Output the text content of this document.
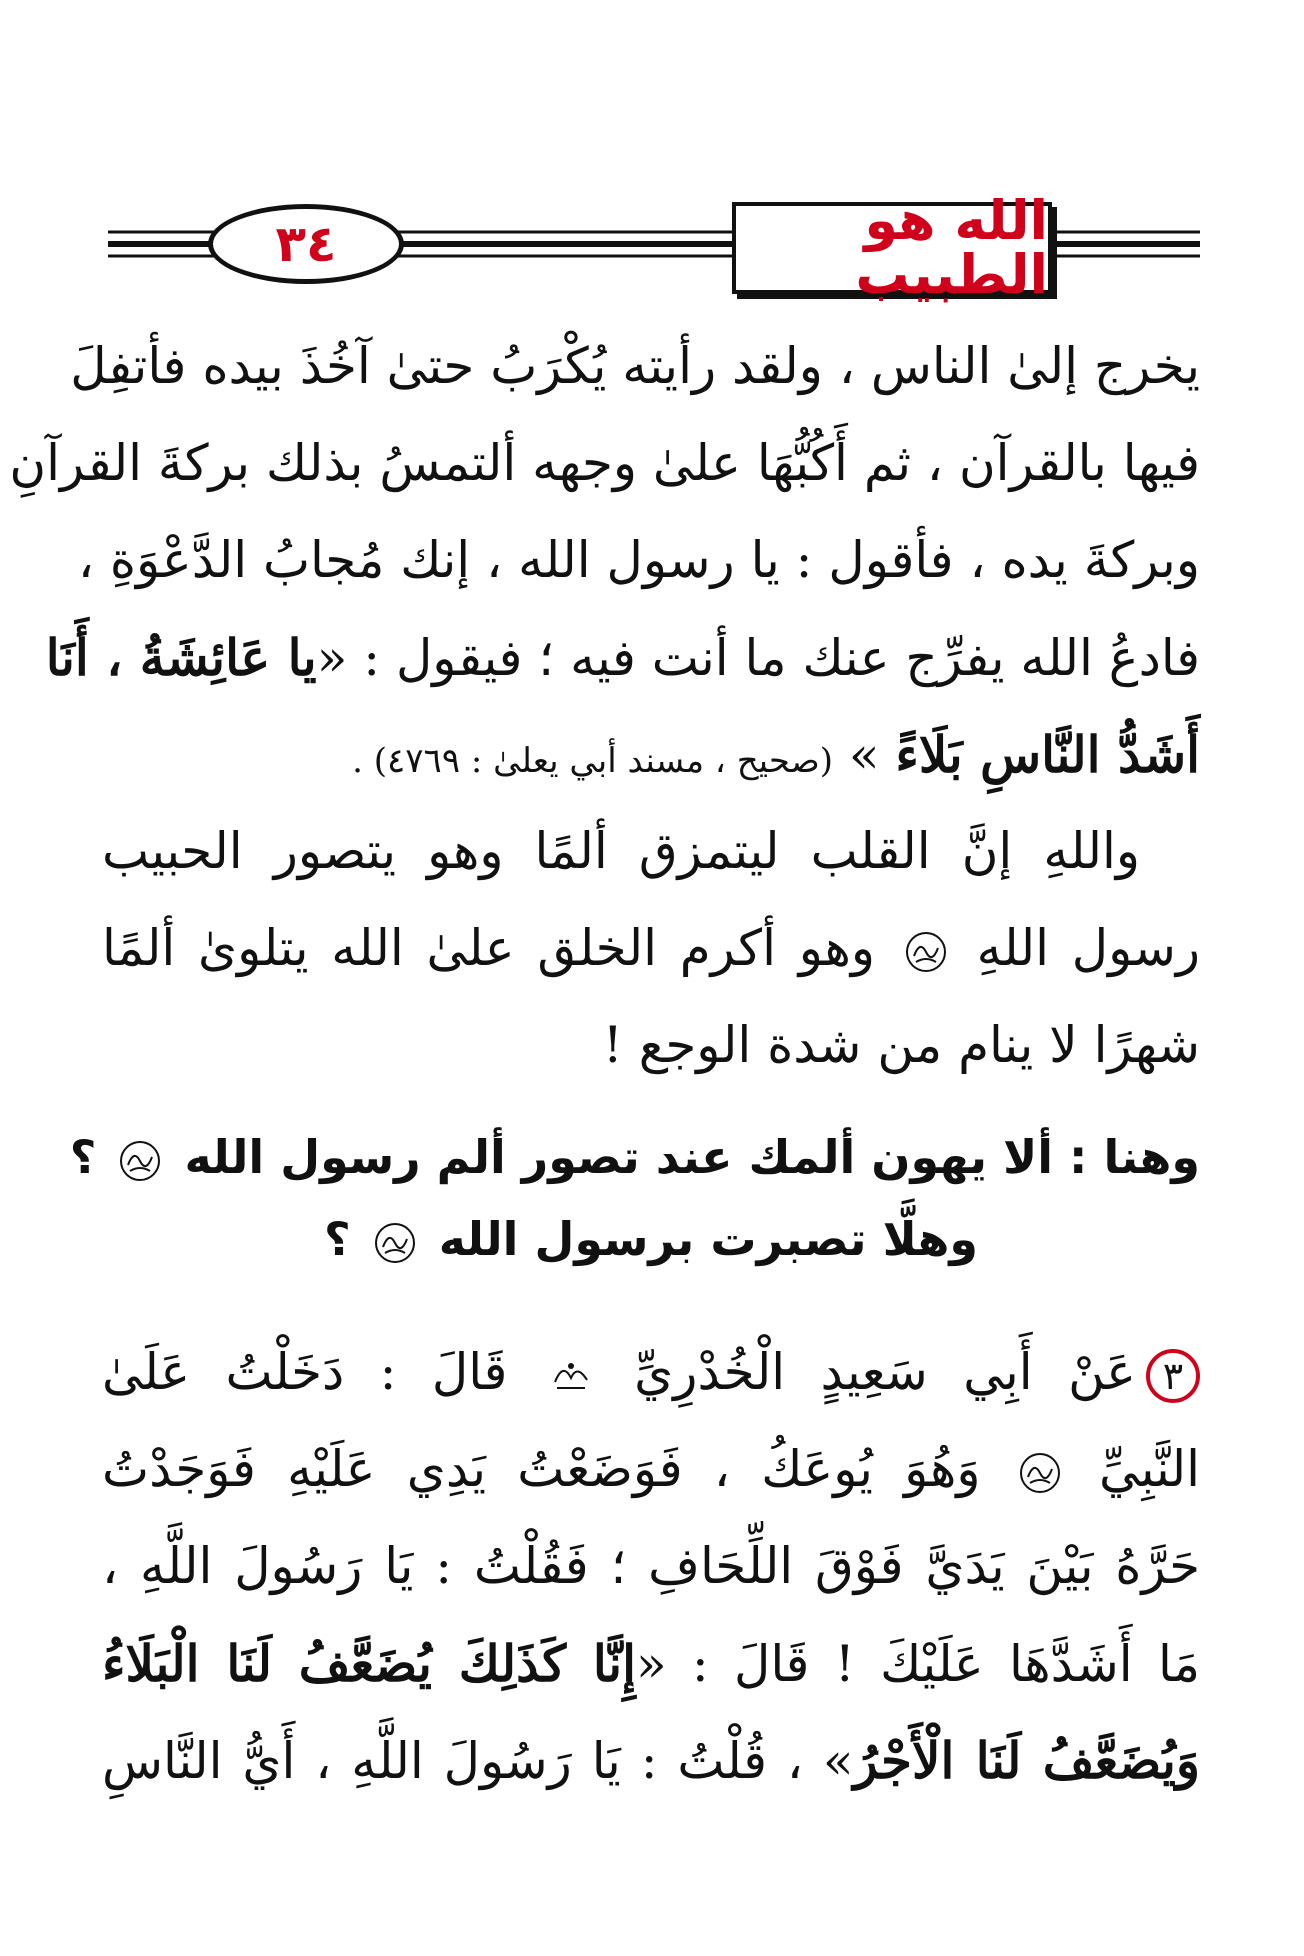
٣٤	الله هو الطبيب
يخرج إلىٰ الناس ، ولقد رأيته يُكْرَبُ حتىٰ آخُذَ بيده فأتفِلَ
فيها بالقرآن ، ثم أَكُبُّهَا علىٰ وجهه ألتمسُ بذلك بركةَ القرآنِ
وبركةَ يده ، فأقول : يا رسول الله ، إنك مُجابُ الدَّعْوَةِ ،
فادعُ الله يفرِّج عنك ما أنت فيه ؛ فيقول : «يا عَائِشَةُ ، أَنَا
أَشَدُّ النَّاسِ بَلَاءً » (صحيح ، مسند أبي يعلىٰ : ٤٧٦٩) .
واللهِ إنَّ القلب ليتمزق ألمًا وهو يتصور الحبيب
رسول اللهِ
وهو أكرم الخلق علىٰ الله يتلوىٰ ألمًا
شهرًا لا ينام من شدة الوجع !
وهنا : ألا يهون ألمك عند تصور ألم رسول الله
؟
وهلَّا تصبرت برسول الله
؟
٣عَنْ أَبِي سَعِيدٍ الْخُدْرِيِّ
قَالَ : دَخَلْتُ عَلَىٰ
النَّبِيِّ
وَهُوَ يُوعَكُ ، فَوَضَعْتُ يَدِي عَلَيْهِ فَوَجَدْتُ
حَرَّهُ بَيْنَ يَدَيَّ فَوْقَ اللِّحَافِ ؛ فَقُلْتُ : يَا رَسُولَ اللَّهِ ،
مَا أَشَدَّهَا عَلَيْكَ ! قَالَ : «إِنَّا كَذَلِكَ يُضَعَّفُ لَنَا الْبَلَاءُ
وَيُضَعَّفُ لَنَا الْأَجْرُ» ، قُلْتُ : يَا رَسُولَ اللَّهِ ، أَيُّ النَّاسِ
